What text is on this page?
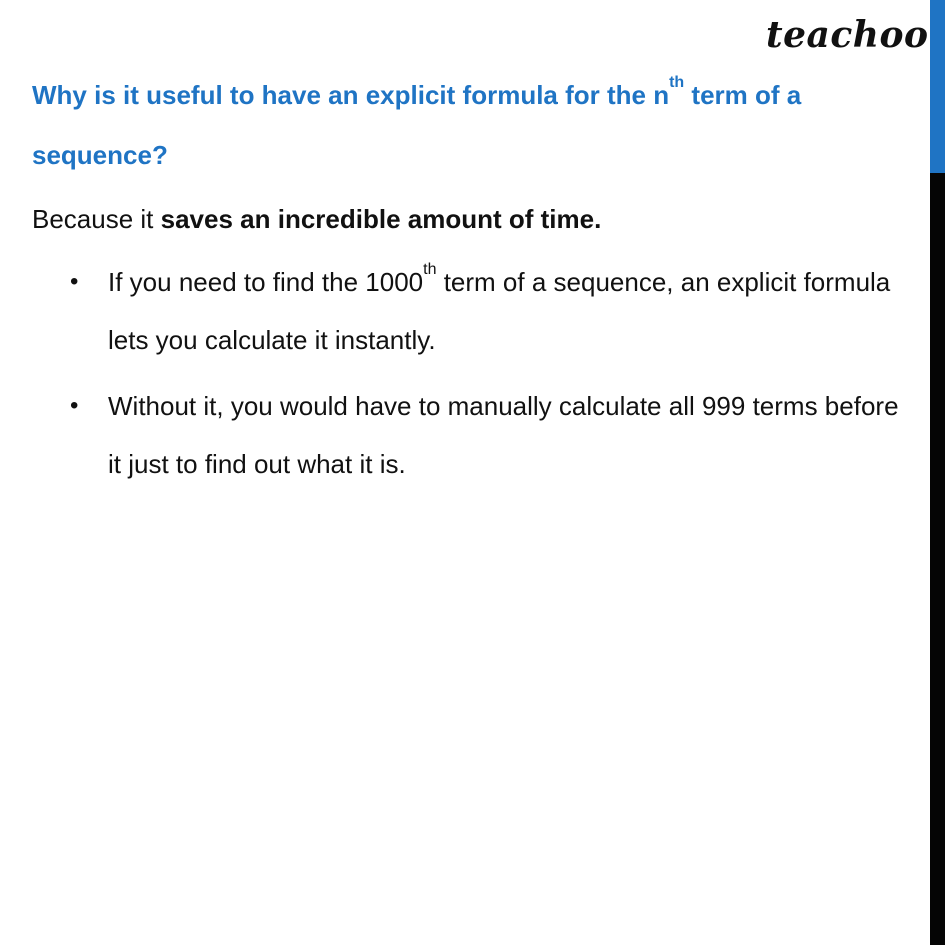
teachoo
Why is it useful to have an explicit formula for the $n^{th}$ term of a sequence?
Because it saves an incredible amount of time.
• If you need to find the 1000th term of a sequence, an explicit formula lets you calculate it instantly.
• Without it, you would have to manually calculate all 999 terms before it just to find out what it is.
